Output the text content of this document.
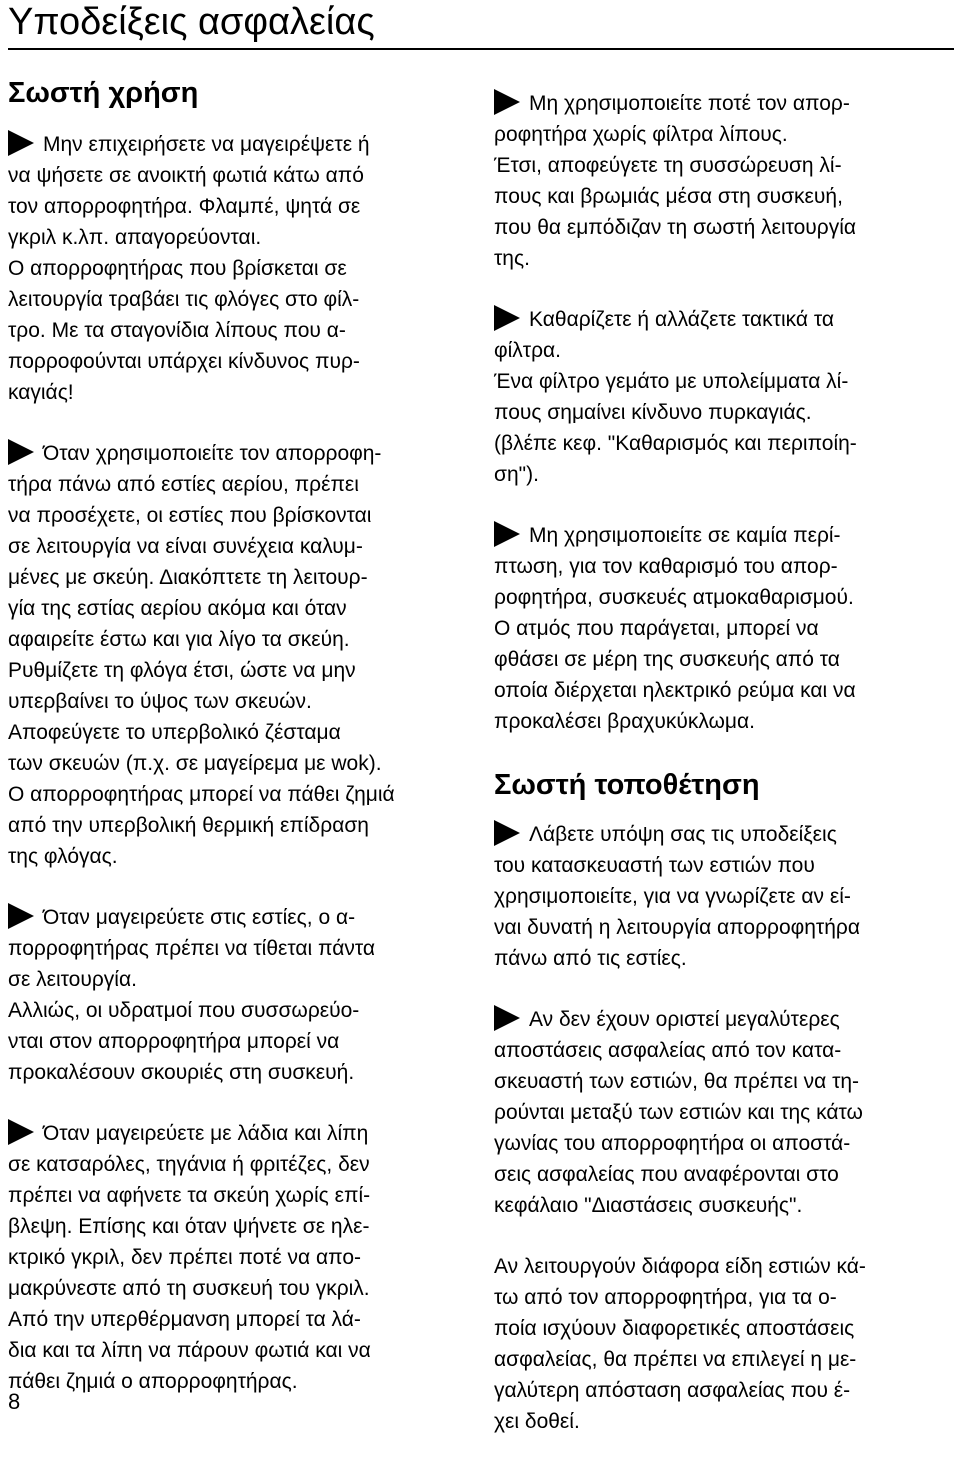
Υποδείξεις ασφαλείας
Σωστή χρήση
Μην επιχειρήσετε να μαγειρέψετε ή
να ψήσετε σε ανοικτή φωτιά κάτω από
τον απορροφητήρα. Φλαμπέ, ψητά σε
γκριλ κ.λπ. απαγορεύονται.
Ο απορροφητήρας που βρίσκεται σε
λειτουργία τραβάει τις φλόγες στο φίλ-
τρο. Με τα σταγονίδια λίπους που α-
πορροφούνται υπάρχει κίνδυνος πυρ-
καγιάς!
Όταν χρησιμοποιείτε τον απορροφη-
τήρα πάνω από εστίες αερίου, πρέπει
να προσέχετε, οι εστίες που βρίσκονται
σε λειτουργία να είναι συνέχεια καλυμ-
μένες με σκεύη. Διακόπτετε τη λειτουρ-
γία της εστίας αερίου ακόμα και όταν
αφαιρείτε έστω και για λίγο τα σκεύη.
Ρυθμίζετε τη φλόγα έτσι, ώστε να μην
υπερβαίνει το ύψος των σκευών.
Αποφεύγετε το υπερβολικό ζέσταμα
των σκευών (π.χ. σε μαγείρεμα με wok).
Ο απορροφητήρας μπορεί να πάθει ζημιά
από την υπερβολική θερμική επίδραση
της φλόγας.
Όταν μαγειρεύετε στις εστίες, ο α-
πορροφητήρας πρέπει να τίθεται πάντα
σε λειτουργία.
Αλλιώς, οι υδρατμοί που συσσωρεύο-
νται στον απορροφητήρα μπορεί να
προκαλέσουν σκουριές στη συσκευή.
Όταν μαγειρεύετε με λάδια και λίπη
σε κατσαρόλες, τηγάνια ή φριτέζες, δεν
πρέπει να αφήνετε τα σκεύη χωρίς επί-
βλεψη. Επίσης και όταν ψήνετε σε ηλε-
κτρικό γκριλ, δεν πρέπει ποτέ να απο-
μακρύνεστε από τη συσκευή του γκριλ.
Από την υπερθέρμανση μπορεί τα λά-
δια και τα λίπη να πάρουν φωτιά και να
πάθει ζημιά ο απορροφητήρας.
Μη χρησιμοποιείτε ποτέ τον απορ-
ροφητήρα χωρίς φίλτρα λίπους.
Έτσι, αποφεύγετε τη συσσώρευση λί-
πους και βρωμιάς μέσα στη συσκευή,
που θα εμπόδιζαν τη σωστή λειτουργία
της.
Καθαρίζετε ή αλλάζετε τακτικά τα
φίλτρα.
Ένα φίλτρο γεμάτο με υπολείμματα λί-
πους σημαίνει κίνδυνο πυρκαγιάς.
(βλέπε κεφ. "Καθαρισμός και περιποίη-
ση").
Μη χρησιμοποιείτε σε καμία περί-
πτωση, για τον καθαρισμό του απορ-
ροφητήρα, συσκευές ατμοκαθαρισμού.
Ο ατμός που παράγεται, μπορεί να
φθάσει σε μέρη της συσκευής από τα
οποία διέρχεται ηλεκτρικό ρεύμα και να
προκαλέσει βραχυκύκλωμα.
Σωστή τοποθέτηση
Λάβετε υπόψη σας τις υποδείξεις
του κατασκευαστή των εστιών που
χρησιμοποιείτε, για να γνωρίζετε αν εί-
ναι δυνατή η λειτουργία απορροφητήρα
πάνω από τις εστίες.
Αν δεν έχουν οριστεί μεγαλύτερες
αποστάσεις ασφαλείας από τον κατα-
σκευαστή των εστιών, θα πρέπει να τη-
ρούνται μεταξύ των εστιών και της κάτω
γωνίας του απορροφητήρα οι αποστά-
σεις ασφαλείας που αναφέρονται στο
κεφάλαιο "Διαστάσεις συσκευής".
Αν λειτουργούν διάφορα είδη εστιών κά-
τω από τον απορροφητήρα, για τα ο-
ποία ισχύουν διαφορετικές αποστάσεις
ασφαλείας, θα πρέπει να επιλεγεί η με-
γαλύτερη απόσταση ασφαλείας που έ-
χει δοθεί.
8
